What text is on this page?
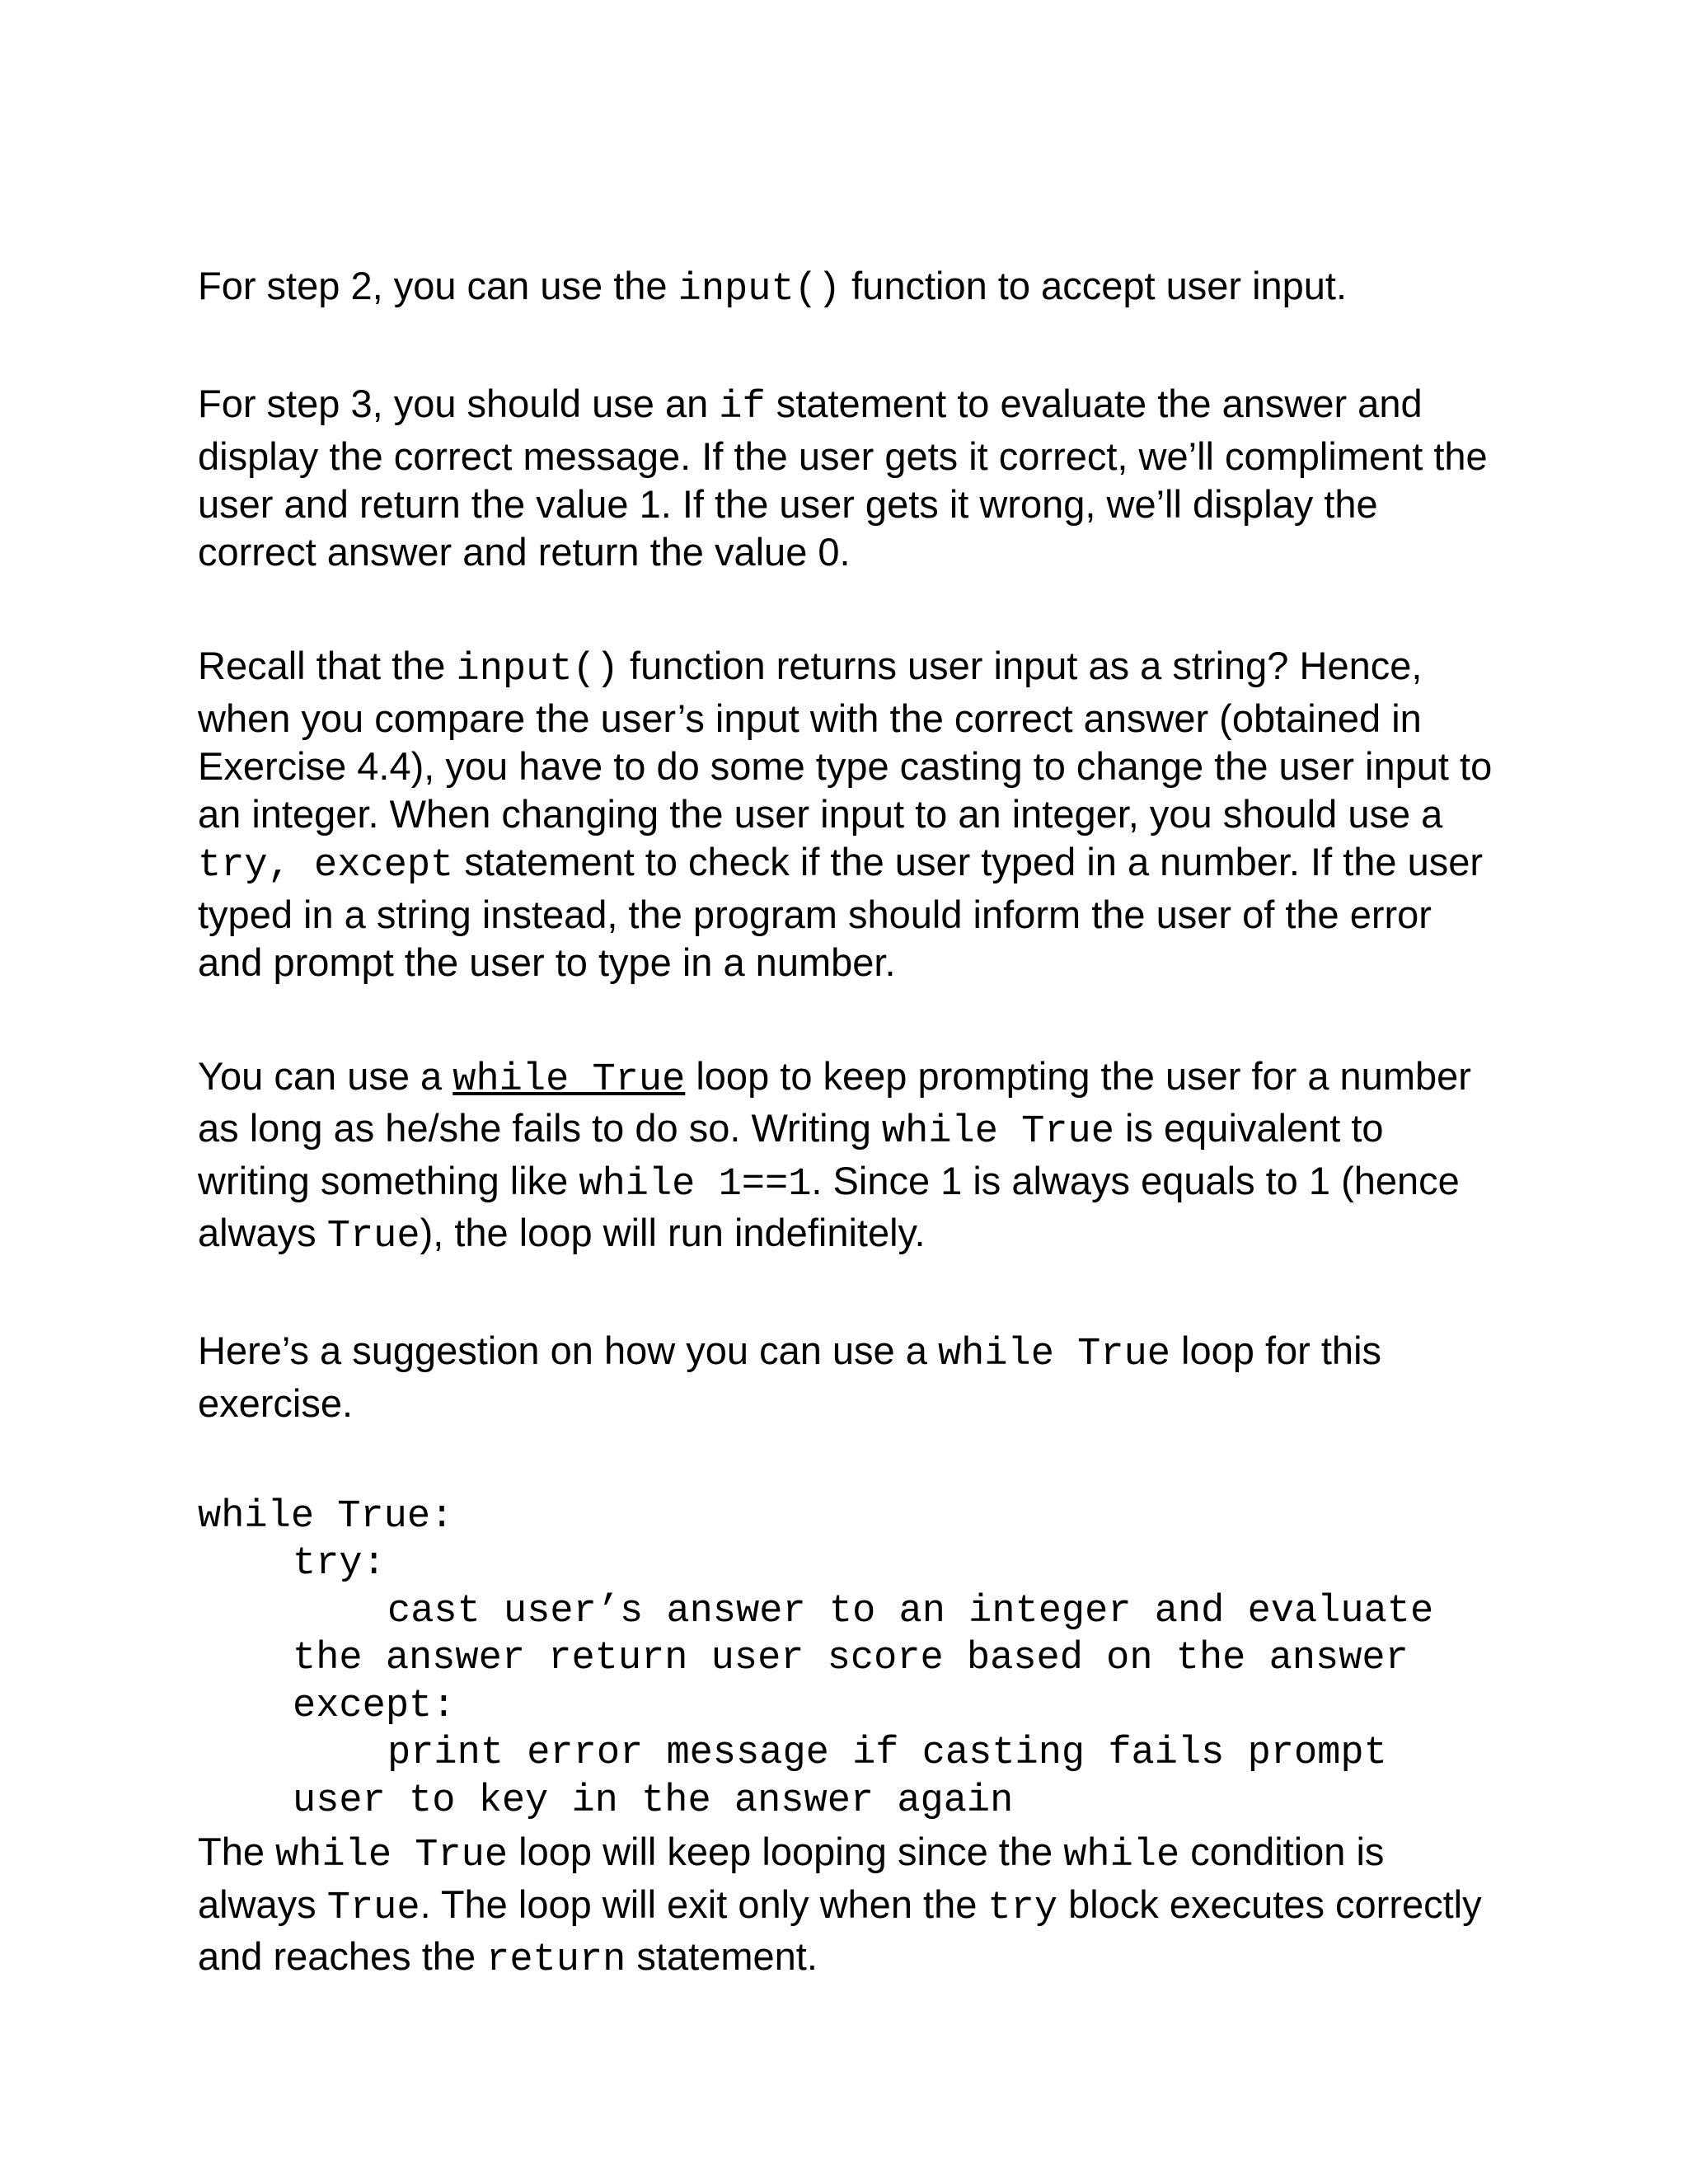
For step 2, you can use the input() function to accept user input.

For step 3, you should use an if statement to evaluate the answer and display the correct message. If the user gets it correct, we’ll compliment the user and return the value 1. If the user gets it wrong, we’ll display the correct answer and return the value 0.

Recall that the input() function returns user input as a string? Hence, when you compare the user’s input with the correct answer (obtained in Exercise 4.4), you have to do some type casting to change the user input to an integer. When changing the user input to an integer, you should use a try, except statement to check if the user typed in a number. If the user typed in a string instead, the program should inform the user of the error and prompt the user to type in a number.

You can use a while True loop to keep prompting the user for a number as long as he/she fails to do so. Writing while True is equivalent to writing something like while 1==1. Since 1 is always equals to 1 (hence always True), the loop will run indefinitely.

Here’s a suggestion on how you can use a while True loop for this exercise.

while True:
try:
cast user’s answer to an integer and evaluate
the answer return user score based on the answer
except:
print error message if casting fails prompt
user to key in the answer again

The while True loop will keep looping since the while condition is always True. The loop will exit only when the try block executes correctly and reaches the return statement.
